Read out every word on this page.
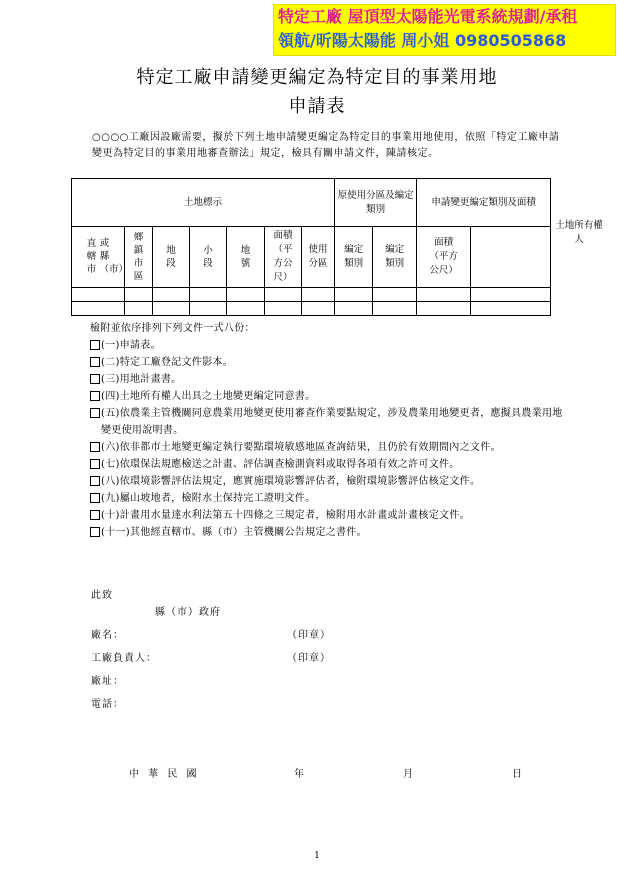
特定工廠 屋頂型太陽能光電系統規劃/承租
領航/昕陽太陽能 周小姐 0980505868
特定工廠申請變更編定為特定目的事業用地
申請表
○○○○工廠因設廠需要，擬於下列土地申請變更編定為特定目的事業用地使用，依照「特定工廠申請變更為特定目的事業用地審查辦法」規定，檢具有關申請文件，陳請核定。
土地標示							原使用分區及編定類別		申請變更編定類別及面積		土地所有權人
直轄市 或縣（市）	鄉鎮市區	地段	小段	地號	面積（平方公尺）	使用分區	編定類別	編定類別	面積（平方公尺）		

檢附並依序排列下列文件一式八份：
(一)申請表。
(二)特定工廠登記文件影本。
(三)用地計畫書。
(四)土地所有權人出具之土地變更編定同意書。
(五)依農業主管機關同意農業用地變更使用審查作業要點規定，涉及農業用地變更者，應擬具農業用地變更使用說明書。
(六)依非都市土地變更編定執行要點環境敏感地區查詢結果，且仍於有效期間內之文件。
(七)依環保法規應檢送之計畫、評估調查檢測資料或取得各項有效之許可文件。
(八)依環境影響評估法規定，應實施環境影響評估者，檢附環境影響評估核定文件。
(九)屬山坡地者，檢附水土保持完工證明文件。
(十)計畫用水量達水利法第五十四條之三規定者，檢附用水計畫或計畫核定文件。
(十一)其他經直轄市、縣（市）主管機關公告規定之書件。
此致
縣（市）政府
廠名：	（印章）
工廠負責人：	（印章）
廠址：
電話：
中 華 民 國	年	月	日
1
